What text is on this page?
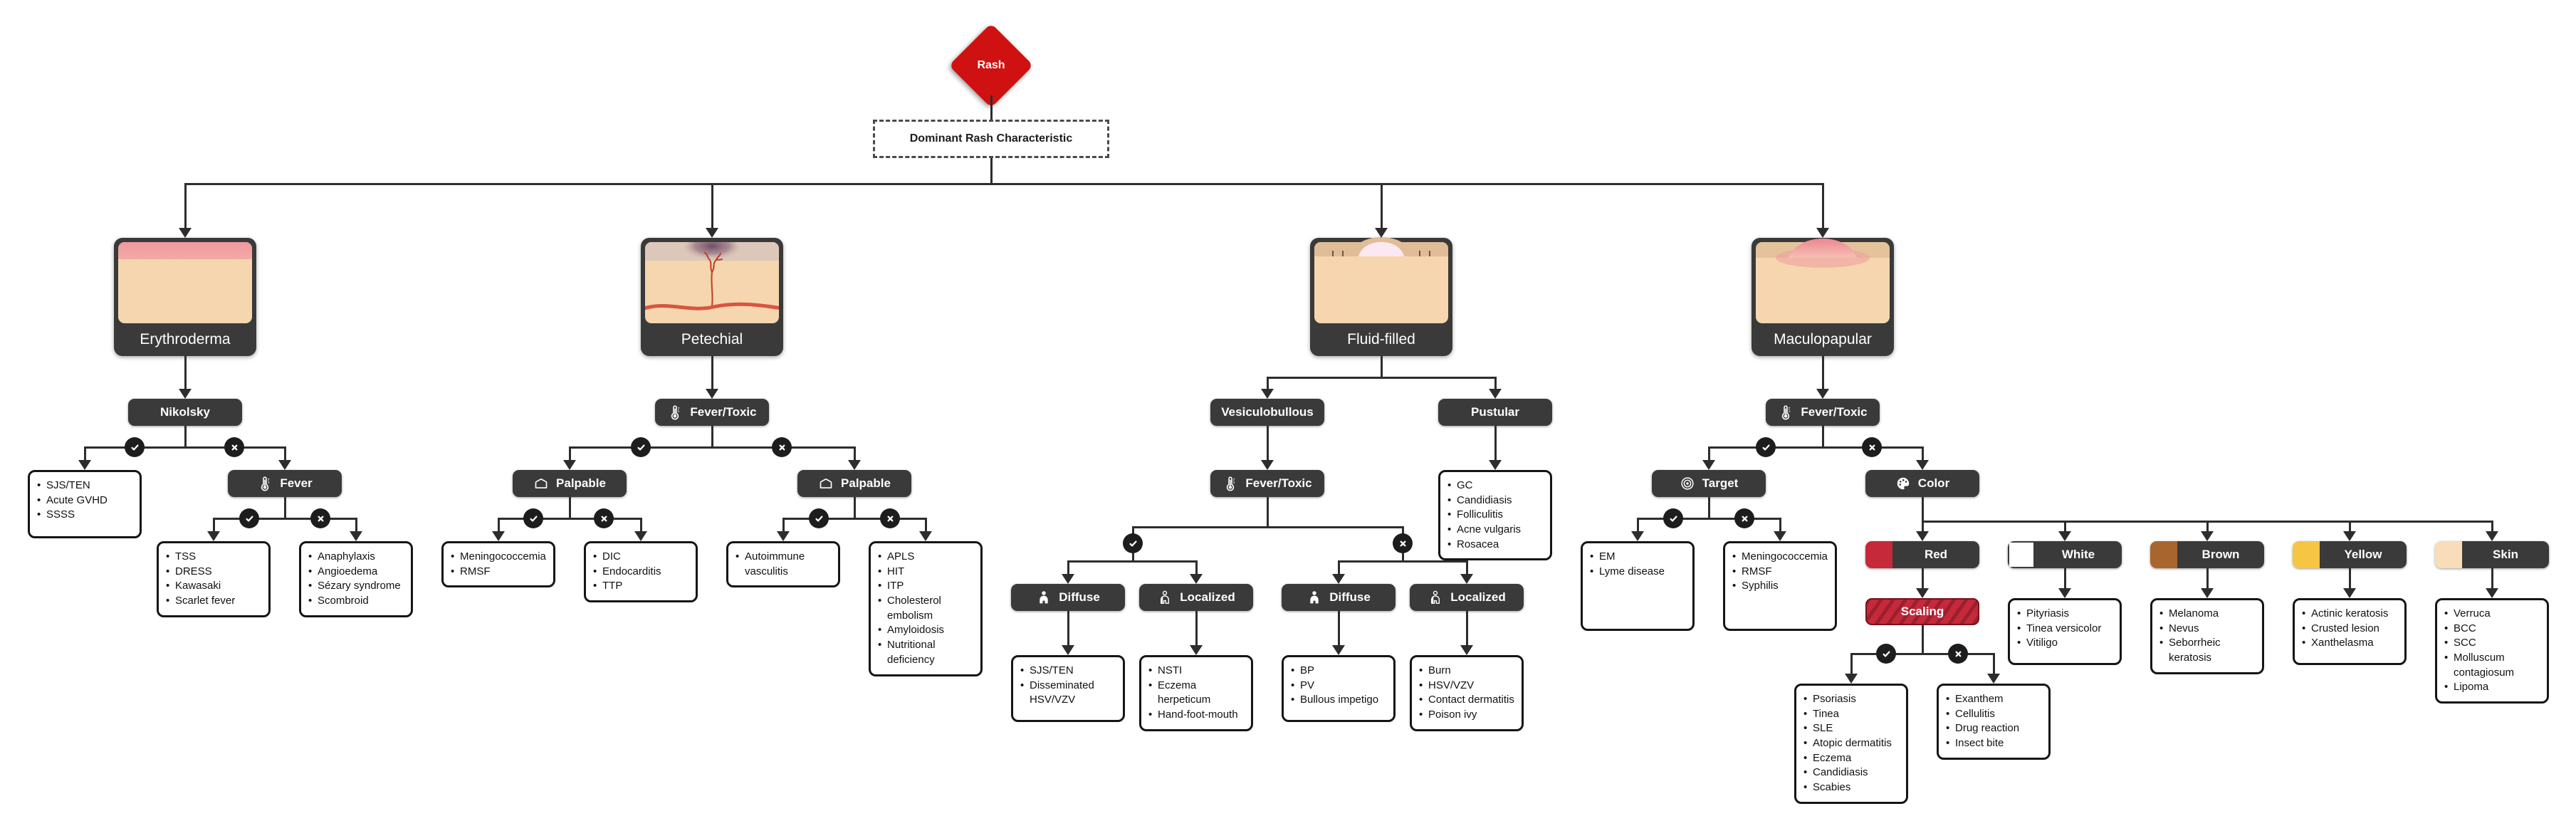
Rash
Dominant Rash Characteristic
Erythroderma	Petechial	Fluid-filled	Maculopapular
Nikolsky
• SJS/TEN
• Acute GVHD
• SSSS
Fever
• TSS
• DRESS
• Kawasaki
• Scarlet fever
• Anaphylaxis
• Angioedema
• Sézary syndrome
• Scombroid
Fever/Toxic
Palpable	Palpable
• Meningococcemia
• RMSF
• DIC
• Endocarditis
• TTP
• Autoimmune vasculitis
• APLS
• HIT
• ITP
• Cholesterol embolism
• Amyloidosis
• Nutritional deficiency
Vesiculobullous	Pustular
• GC
• Candidiasis
• Folliculitis
• Acne vulgaris
• Rosacea
Fever/Toxic
Diffuse	Localized	Diffuse	Localized
• SJS/TEN
• Disseminated HSV/VZV
• NSTI
• Eczema herpeticum
• Hand-foot-mouth
• BP
• PV
• Bullous impetigo
• Burn
• HSV/VZV
• Contact dermatitis
• Poison ivy
Fever/Toxic
Target	Color
• EM
• Lyme disease
• Meningococcemia
• RMSF
• Syphilis
Red	White	Brown	Yellow	Skin
Scaling
• Psoriasis
• Tinea
• SLE
• Atopic dermatitis
• Eczema
• Candidiasis
• Scabies
• Exanthem
• Cellulitis
• Drug reaction
• Insect bite
• Pityriasis
• Tinea versicolor
• Vitiligo
• Melanoma
• Nevus
• Seborrheic keratosis
• Actinic keratosis
• Crusted lesion
• Xanthelasma
• Verruca
• BCC
• SCC
• Molluscum contagiosum
• Lipoma
